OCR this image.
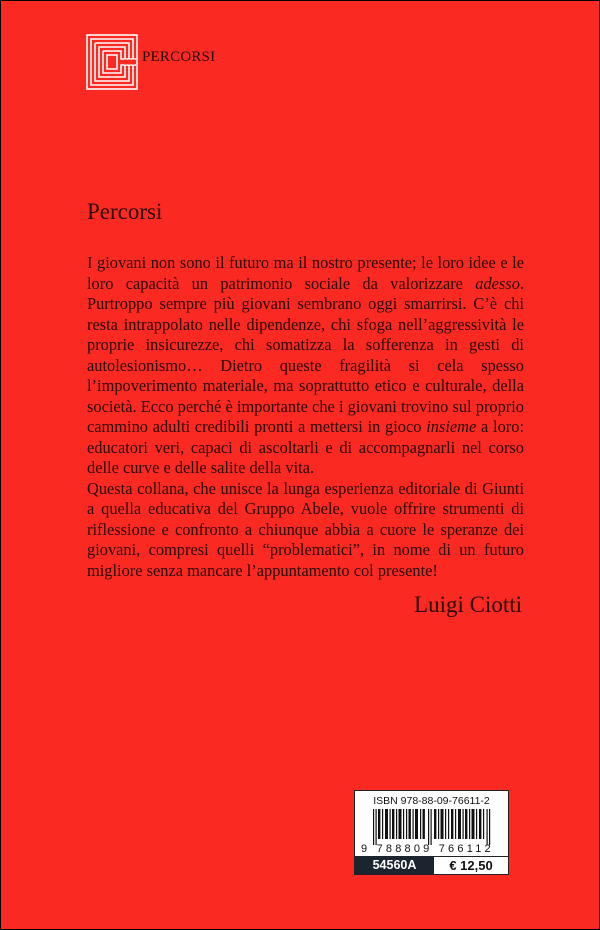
PERCORSI
Percorsi

I giovani non sono il futuro ma il nostro presente; le loro idee e le loro capacità un patrimonio sociale da valorizzare adesso. Purtroppo sempre più giovani sembrano oggi smarrirsi. C’è chi resta intrappolato nelle dipendenze, chi sfoga nell’aggressività le proprie insicurezze, chi somatizza la sofferenza in gesti di autolesionismo… Dietro queste fragilità si cela spesso l’impoverimento materiale, ma soprattutto etico e culturale, della società. Ecco perché è importante che i giovani trovino sul proprio cammino adulti credibili pronti a mettersi in gioco insieme a loro: educatori veri, capaci di ascoltarli e di accompagnarli nel corso delle curve e delle salite della vita.

Questa collana, che unisce la lunga esperienza editoriale di Giunti a quella educativa del Gruppo Abele, vuole offrire strumenti di riflessione e confronto a chiunque abbia a cuore le speranze dei giovani, compresi quelli “problematici”, in nome di un futuro migliore senza mancare l’appuntamento col presente!

Luigi Ciotti
ISBN 978-88-09-76611-2
9 788809 766112
54560A	€ 12,50
